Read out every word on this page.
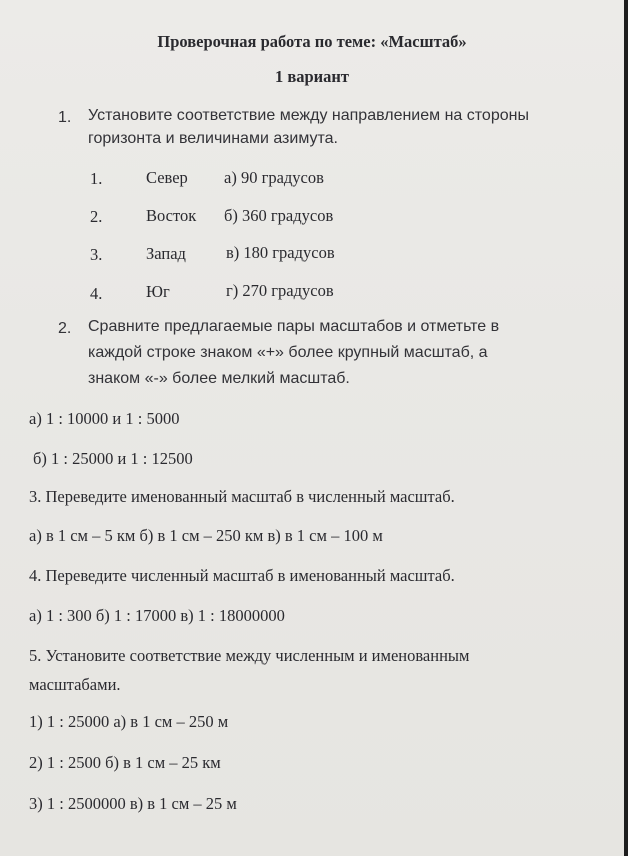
Проверочная работа по теме: «Масштаб»
1 вариант
1. Установите соответствие между направлением на стороны
горизонта и величинами азимута.
1.	Север а) 90 градусов
2.	Восток б) 360 градусов
3.	Запад в) 180 градусов
4.	Юг	г) 270 градусов
2. Сравните предлагаемые пары масштабов и отметьте в
каждой строке знаком «+» более крупный масштаб, а
знаком «-» более мелкий масштаб.
а) 1 : 10000 и 1 : 5000
б) 1 : 25000 и 1 : 12500
3. Переведите именованный масштаб в численный масштаб.
а) в 1 см – 5 км б) в 1 см – 250 км в) в 1 см – 100 м
4. Переведите численный масштаб в именованный масштаб.
а) 1 : 300 б) 1 : 17000 в) 1 : 18000000
5. Установите соответствие между численным и именованным
масштабами.
1) 1 : 25000 а) в 1 см – 250 м
2) 1 : 2500 б) в 1 см – 25 км
3) 1 : 2500000 в) в 1 см – 25 м
